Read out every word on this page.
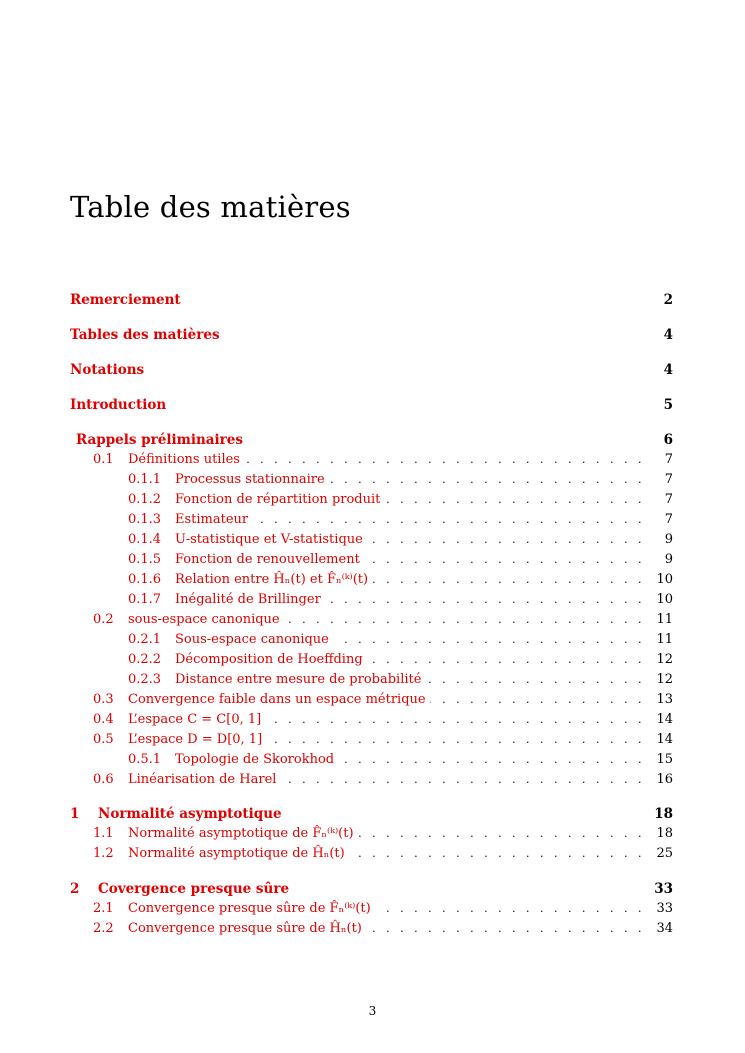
Table des matières
Remerciement	2
Tables des matières	4
Notations	4
Introduction	5
Rappels préliminaires	6
0.1	Définitions utiles . . .	7
0.1.1	Processus stationnaire . . .	7
0.1.2	Fonction de répartition produit . . .	7
0.1.3	Estimateur . . .	7
0.1.4	U-statistique et V-statistique . . .	9
0.1.5	Fonction de renouvellement . . .	9
0.1.6	Relation entre Ĥₙ(t) et F̂ₙ⁽ᵏ⁾(t) . . .	10
0.1.7	Inégalité de Brillinger . . .	10
0.2	sous-espace canonique . . .	11
0.2.1	Sous-espace canonique . . .	11
0.2.2	Décomposition de Hoeffding . . .	12
0.2.3	Distance entre mesure de probabilité . . .	12
0.3	Convergence faible dans un espace métrique . . .	13
0.4	L’espace C = C[0, 1] . . .	14
0.5	L’espace D = D[0, 1] . . .	14
0.5.1	Topologie de Skorokhod . . .	15
0.6	Linéarisation de Harel . . .	16
1	Normalité asymptotique	18
1.1	Normalité asymptotique de F̂ₙ⁽ᵏ⁾(t) . . .	18
1.2	Normalité asymptotique de Ĥₙ(t) . . .	25
2	Covergence presque sûre	33
2.1	Convergence presque sûre de F̂ₙ⁽ᵏ⁾(t) . . .	33
2.2	Convergence presque sûre de Ĥₙ(t) . . .	34
3
